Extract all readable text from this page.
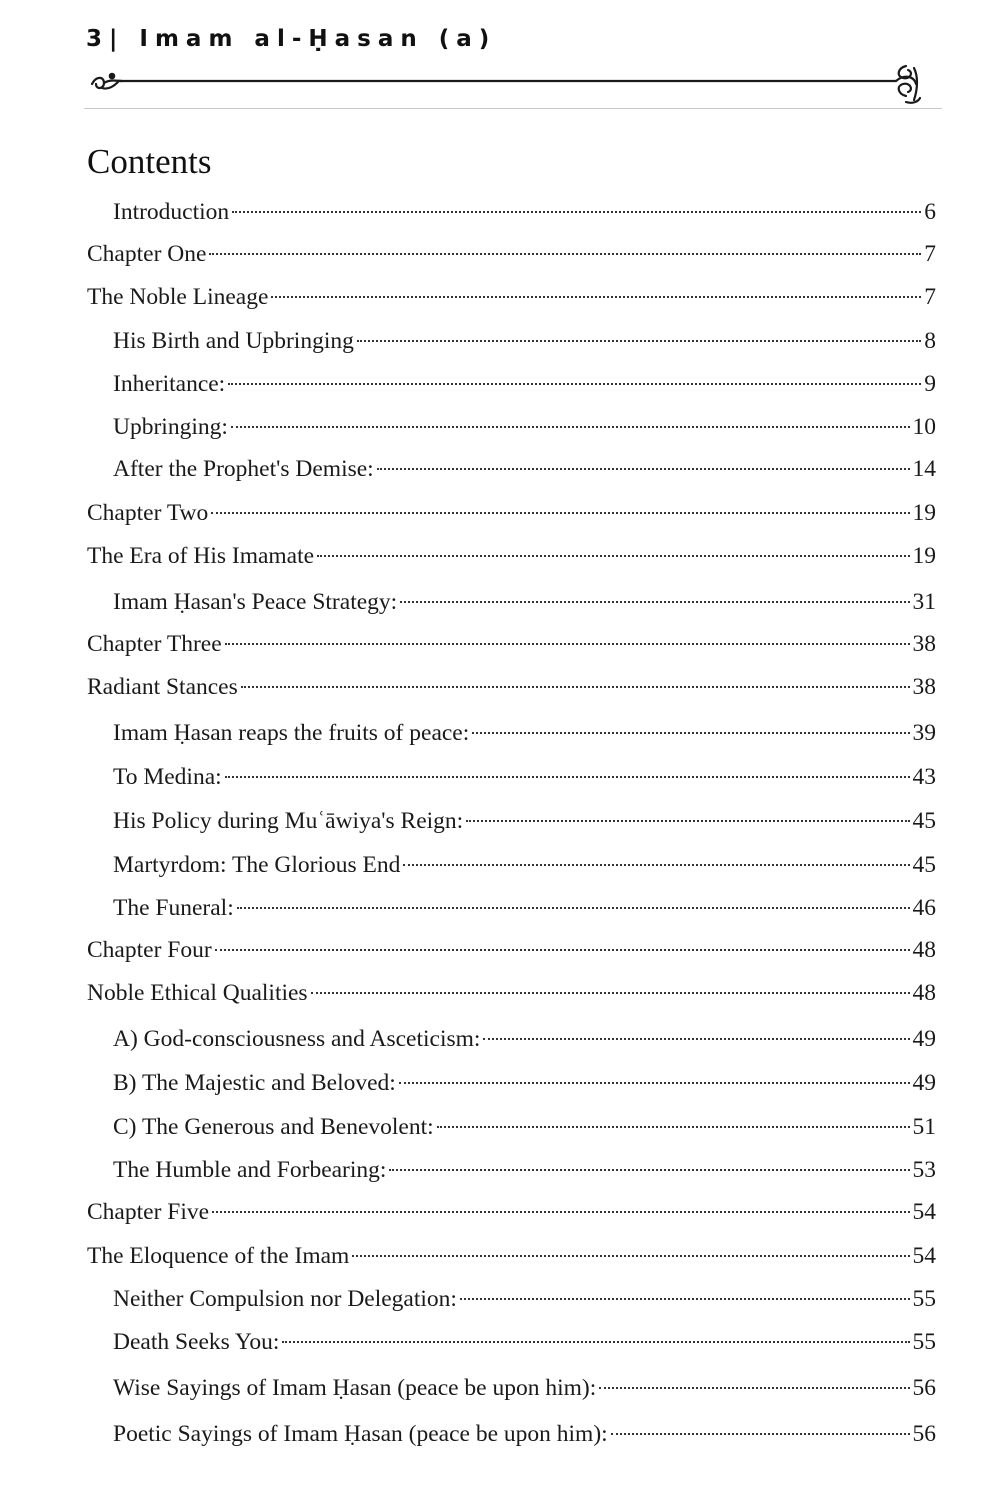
3| Imam al-Ḥasan (a)
Contents
Introduction	6
Chapter One	7
The Noble Lineage	7
His Birth and Upbringing	8
Inheritance:	9
Upbringing:	10
After the Prophet's Demise:	14
Chapter Two	19
The Era of His Imamate	19
Imam Ḥasan's Peace Strategy:	31
Chapter Three	38
Radiant Stances	38
Imam Ḥasan reaps the fruits of peace:	39
To Medina:	43
His Policy during Muʿāwiya's Reign:	45
Martyrdom: The Glorious End	45
The Funeral:	46
Chapter Four	48
Noble Ethical Qualities	48
A) God-consciousness and Asceticism:	49
B) The Majestic and Beloved:	49
C) The Generous and Benevolent:	51
The Humble and Forbearing:	53
Chapter Five	54
The Eloquence of the Imam	54
Neither Compulsion nor Delegation:	55
Death Seeks You:	55
Wise Sayings of Imam Ḥasan (peace be upon him):	56
Poetic Sayings of Imam Ḥasan (peace be upon him):	56
